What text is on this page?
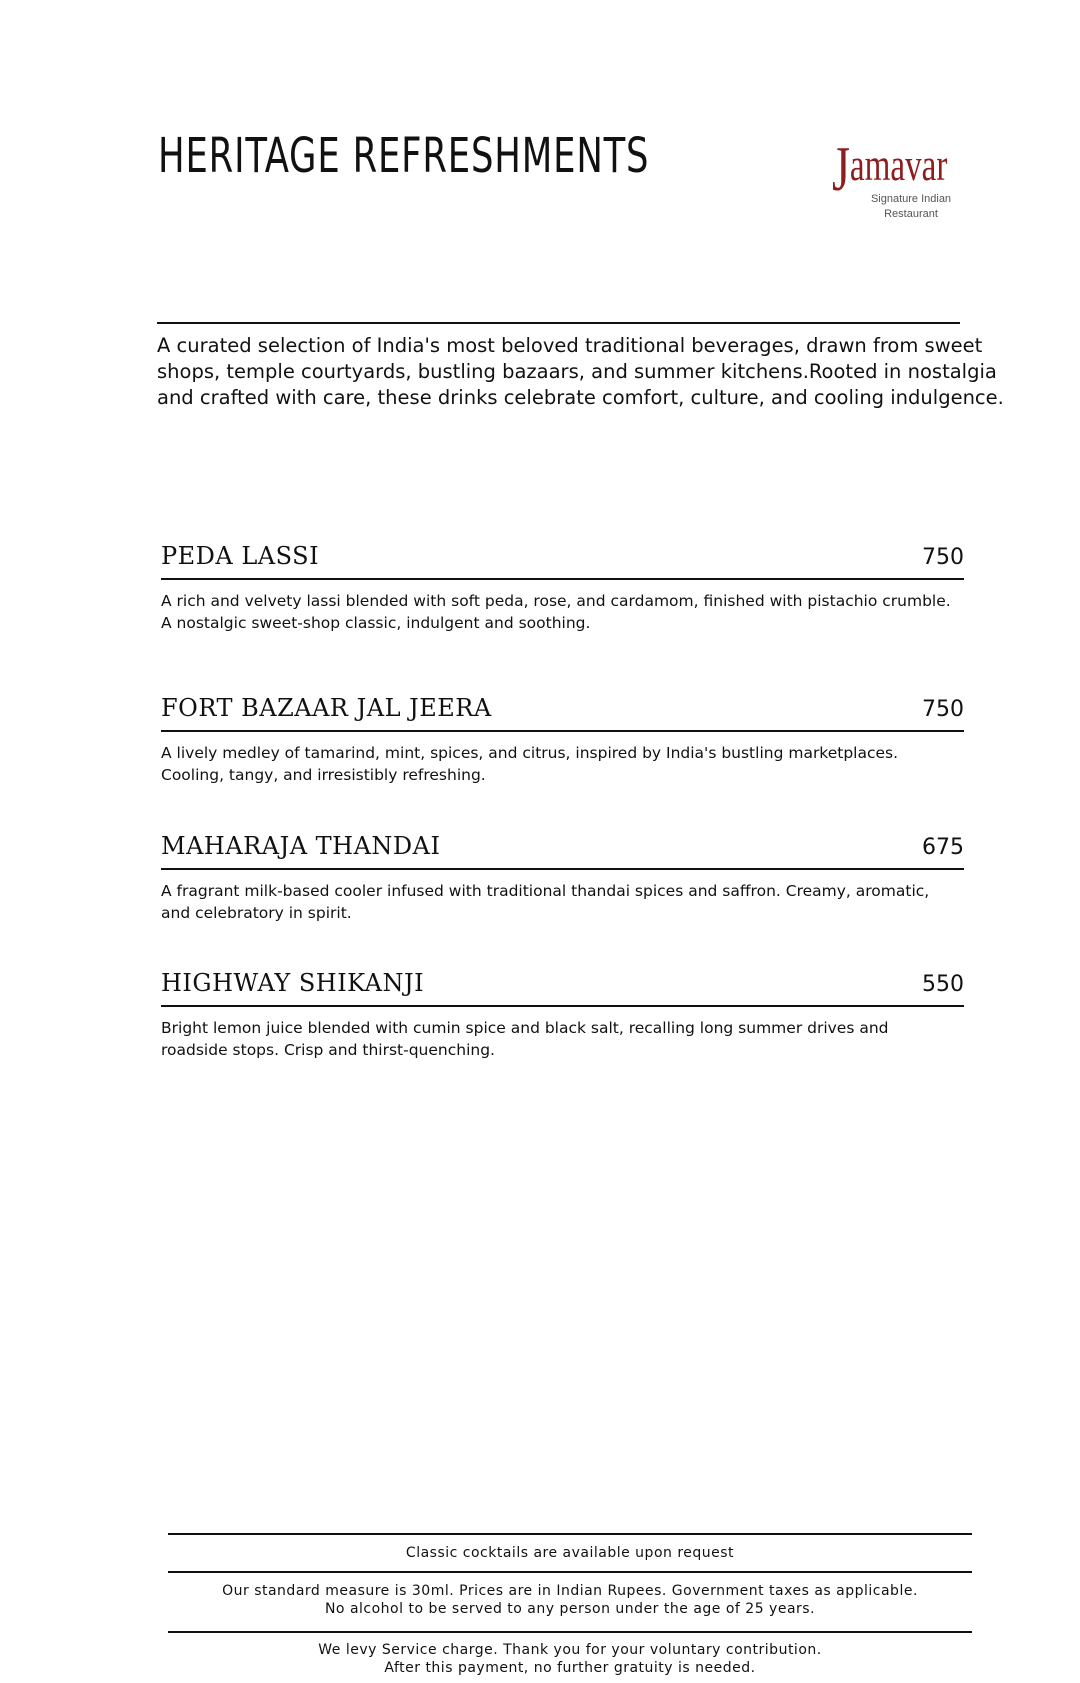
HERITAGE REFRESHMENTS	Jamavar
Signature Indian Restaurant
A curated selection of India's most beloved traditional beverages, drawn from sweet
shops, temple courtyards, bustling bazaars, and summer kitchens.Rooted in nostalgia
and crafted with care, these drinks celebrate comfort, culture, and cooling indulgence.
PEDA LASSI	750
A rich and velvety lassi blended with soft peda, rose, and cardamom, finished with pistachio crumble. A nostalgic sweet-shop classic, indulgent and soothing.
FORT BAZAAR JAL JEERA	750
A lively medley of tamarind, mint, spices, and citrus, inspired by India's bustling marketplaces. Cooling, tangy, and irresistibly refreshing.
MAHARAJA THANDAI	675
A fragrant milk-based cooler infused with traditional thandai spices and saffron. Creamy, aromatic, and celebratory in spirit.
HIGHWAY SHIKANJI	550
Bright lemon juice blended with cumin spice and black salt, recalling long summer drives and roadside stops. Crisp and thirst-quenching.
Classic cocktails are available upon request
Our standard measure is 30ml. Prices are in Indian Rupees. Government taxes as applicable.
No alcohol to be served to any person under the age of 25 years.
We levy Service charge. Thank you for your voluntary contribution.
After this payment, no further gratuity is needed.
